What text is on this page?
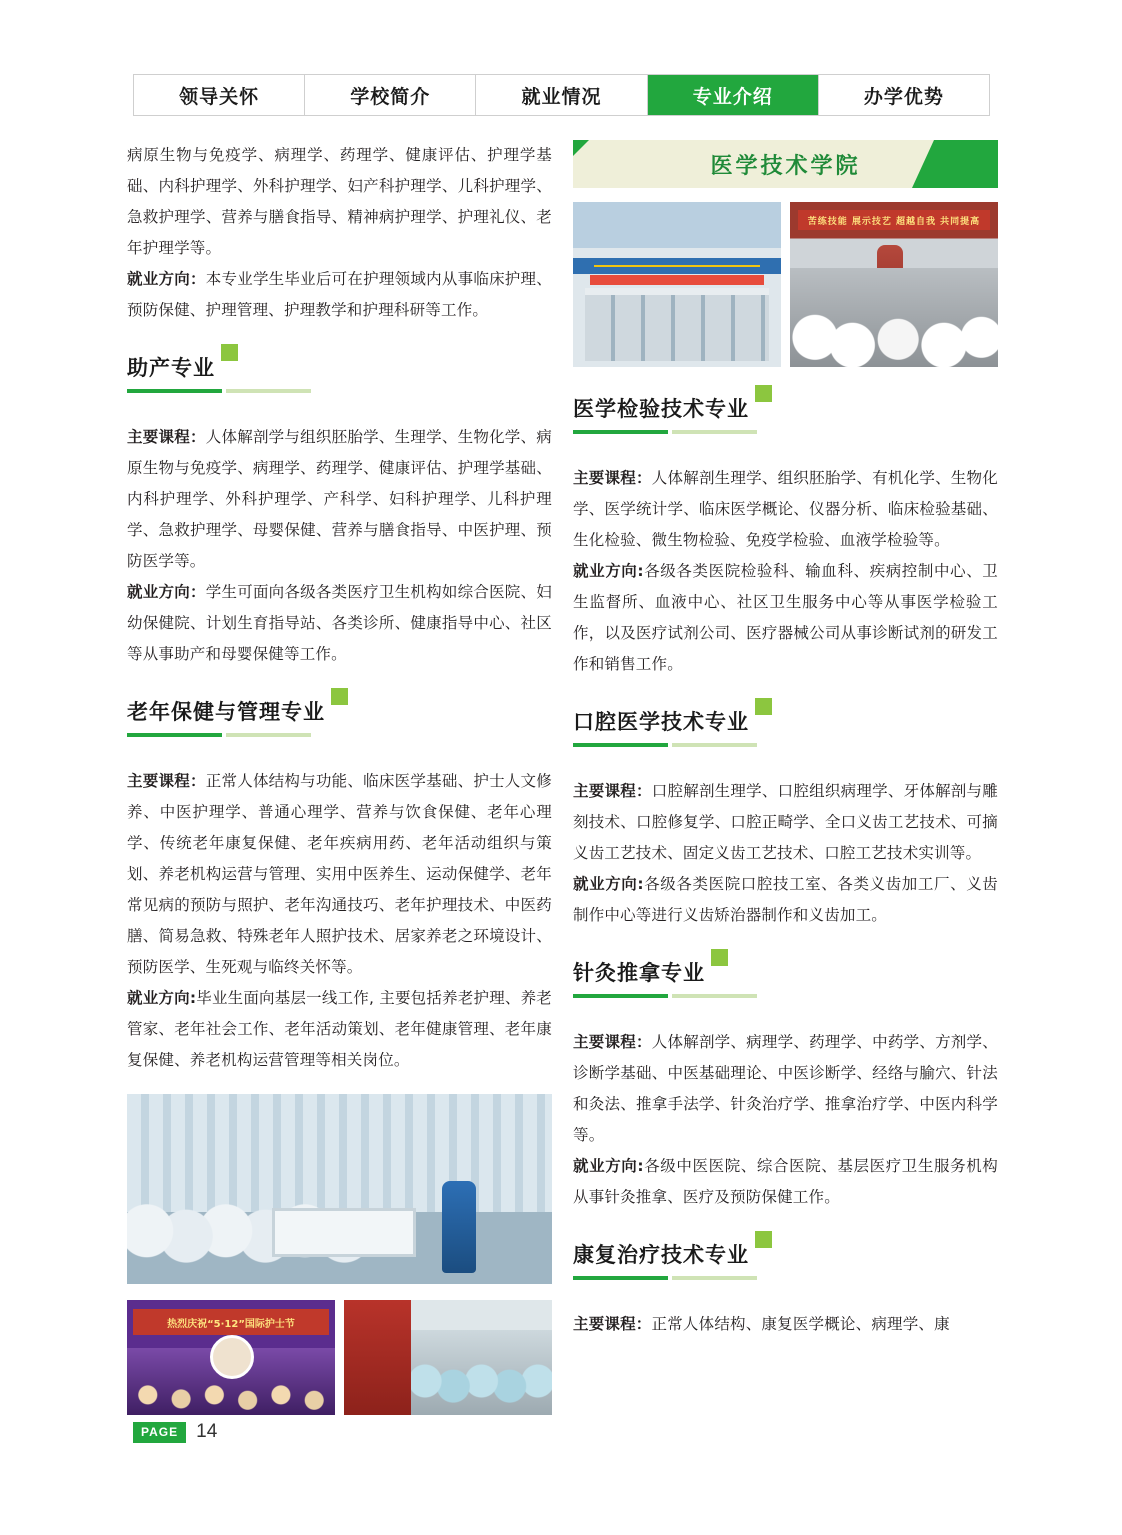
领导关怀	学校简介	就业情况	专业介绍	办学优势

病原生物与免疫学、病理学、药理学、健康评估、护理学基础、内科护理学、外科护理学、妇产科护理学、儿科护理学、急救护理学、营养与膳食指导、精神病护理学、护理礼仪、老年护理学等。

就业方向：本专业学生毕业后可在护理领域内从事临床护理、预防保健、护理管理、护理教学和护理科研等工作。

助产专业

主要课程：人体解剖学与组织胚胎学、生理学、生物化学、病原生物与免疫学、病理学、药理学、健康评估、护理学基础、内科护理学、外科护理学、产科学、妇科护理学、儿科护理学、急救护理学、母婴保健、营养与膳食指导、中医护理、预防医学等。

就业方向：学生可面向各级各类医疗卫生机构如综合医院、妇幼保健院、计划生育指导站、各类诊所、健康指导中心、社区等从事助产和母婴保健等工作。

老年保健与管理专业

主要课程：正常人体结构与功能、临床医学基础、护士人文修养、中医护理学、普通心理学、营养与饮食保健、老年心理学、传统老年康复保健、老年疾病用药、老年活动组织与策划、养老机构运营与管理、实用中医养生、运动保健学、老年常见病的预防与照护、老年沟通技巧、老年护理技术、中医药膳、简易急救、特殊老年人照护技术、居家养老之环境设计、预防医学、生死观与临终关怀等。

就业方向:毕业生面向基层一线工作, 主要包括养老护理、养老管家、老年社会工作、老年活动策划、老年健康管理、老年康复保健、养老机构运营管理等相关岗位。

热烈庆祝“5·12”国际护士节
医学技术学院
苦练技能 展示技艺 超越自我 共同提高
医学检验技术专业

主要课程：人体解剖生理学、组织胚胎学、有机化学、生物化学、医学统计学、临床医学概论、仪器分析、临床检验基础、生化检验、微生物检验、免疫学检验、血液学检验等。

就业方向:各级各类医院检验科、输血科、疾病控制中心、卫生监督所、血液中心、社区卫生服务中心等从事医学检验工作，以及医疗试剂公司、医疗器械公司从事诊断试剂的研发工作和销售工作。

口腔医学技术专业

主要课程：口腔解剖生理学、口腔组织病理学、牙体解剖与雕刻技术、口腔修复学、口腔正畸学、全口义齿工艺技术、可摘义齿工艺技术、固定义齿工艺技术、口腔工艺技术实训等。

就业方向:各级各类医院口腔技工室、各类义齿加工厂、义齿制作中心等进行义齿矫治器制作和义齿加工。

针灸推拿专业

主要课程：人体解剖学、病理学、药理学、中药学、方剂学、诊断学基础、中医基础理论、中医诊断学、经络与腧穴、针法和灸法、推拿手法学、针灸治疗学、推拿治疗学、中医内科学等。

就业方向:各级中医医院、综合医院、基层医疗卫生服务机构从事针灸推拿、医疗及预防保健工作。

康复治疗技术专业

主要课程：正常人体结构、康复医学概论、病理学、康

PAGE 14
